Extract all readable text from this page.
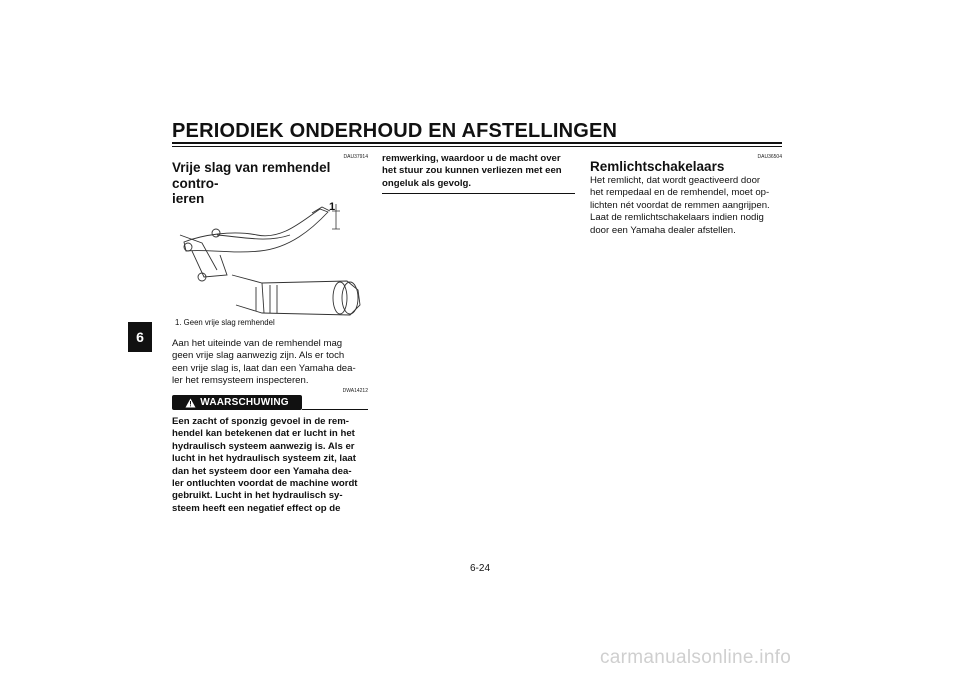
PERIODIEK ONDERHOUD EN AFSTELLINGEN
6
DAU37914
Vrije slag van remhendel contro-
leren
1
1. Geen vrije slag remhendel

Aan het uiteinde van de remhendel mag

geen vrije slag aanwezig zijn. Als er toch

een vrije slag is, laat dan een Yamaha dea-

ler het remsysteem inspecteren.

DWA14212
WAARSCHUWING

Een zacht of sponzig gevoel in de rem-

hendel kan betekenen dat er lucht in het

hydraulisch systeem aanwezig is. Als er

lucht in het hydraulisch systeem zit, laat

dan het systeem door een Yamaha dea-

ler ontluchten voordat de machine wordt

gebruikt. Lucht in het hydraulisch sy-

steem heeft een negatief effect op de

remwerking, waardoor u de macht over

het stuur zou kunnen verliezen met een

ongeluk als gevolg.

DAU36504
Remlichtschakelaars

Het remlicht, dat wordt geactiveerd door

het rempedaal en de remhendel, moet op-

lichten nét voordat de remmen aangrijpen.

Laat de remlichtschakelaars indien nodig

door een Yamaha dealer afstellen.

6-24
carmanualsonline.info
